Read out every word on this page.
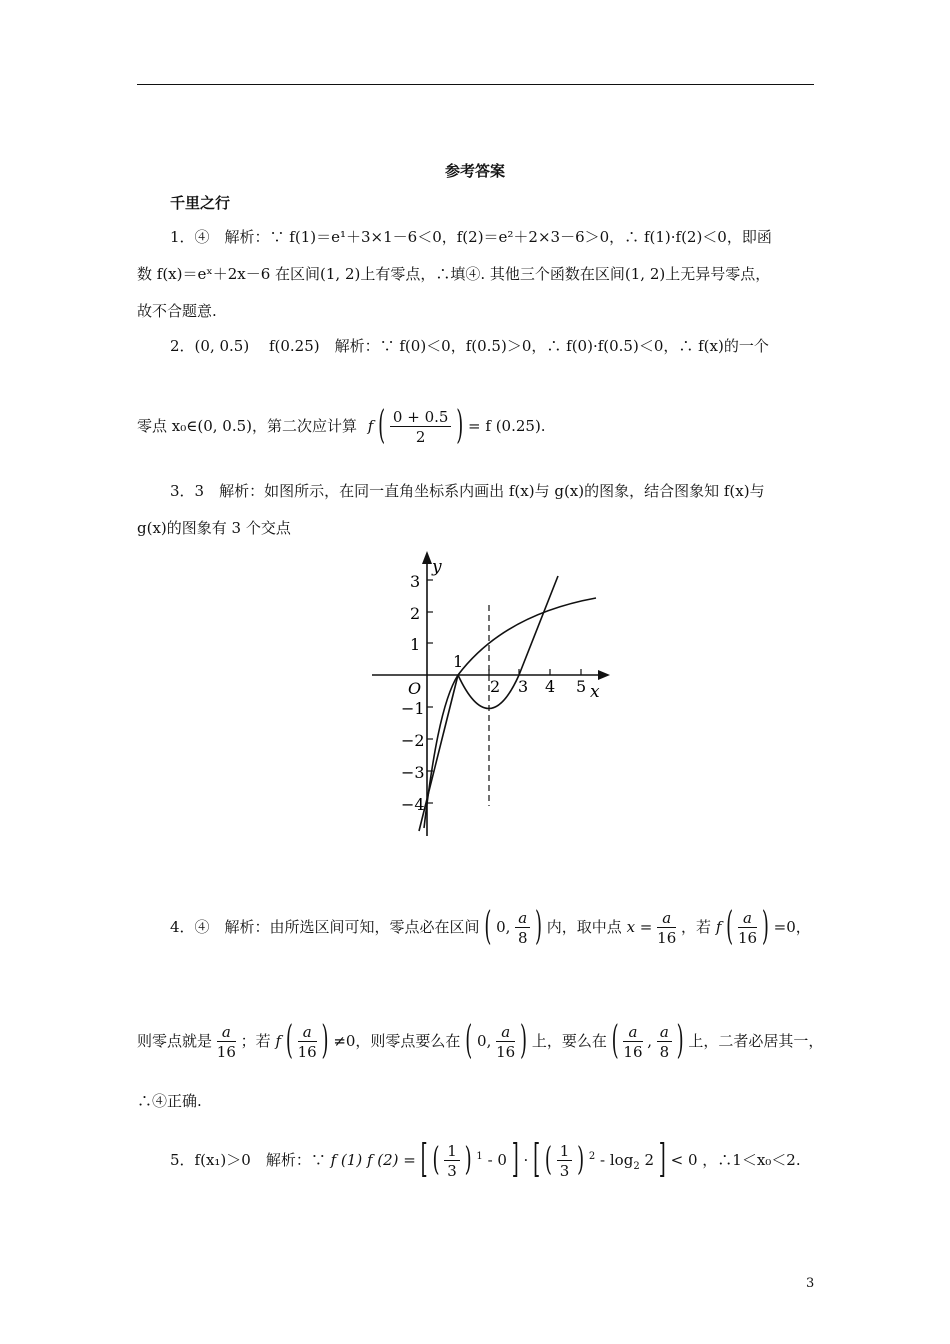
参考答案
千里之行
1．④　解析：∵ f(1)＝e¹＋3×1－6＜0，f(2)＝e²＋2×3－6＞0，∴ f(1)·f(2)＜0，即函
数 f(x)＝eˣ＋2x－6 在区间(1, 2)上有零点，∴填④. 其他三个函数在区间(1, 2)上无异号零点，
故不合题意.
2．(0, 0.5)　 f(0.25)　解析：∵ f(0)＜0，f(0.5)＞0，∴ f(0)·f(0.5)＜0，∴ f(x)的一个
零点 x₀∈(0, 0.5)，第二次应计算 f ( $\frac{0 + 0.5}{2}$ ) = f (0.25).
3．3　解析：如图所示，在同一直角坐标系内画出 f(x)与 g(x)的图象，结合图象知 f(x)与
g(x)的图象有 3 个交点
y
x
O
1
2 3 4 5
3
2
1
−1
−2
−3
−4
4．④　解析：由所选区间可知，零点必在区间 ( 0, $\frac{a}{8}$ ) 内，取中点 $x = \frac{a}{16}$ ，若 f ( $\frac{a}{16}$ ) =0，
则零点就是 $\frac{a}{16}$ ；若 f ( $\frac{a}{16}$ ) ≠0，则零点要么在 ( 0, $\frac{a}{16}$ ) 上，要么在 ( $\frac{a}{16}$ , $\frac{a}{8}$ ) 上，二者必居其一，
∴④正确.
5．f(x₁)＞0　解析：∵ f (1) f (2) = [ ( $\frac{1}{3}$ ) $^1$ - 0 ] · [ ( $\frac{1}{3}$ ) $^2 - \log_2 2$ ] < 0 ，∴1＜x₀＜2.
3
